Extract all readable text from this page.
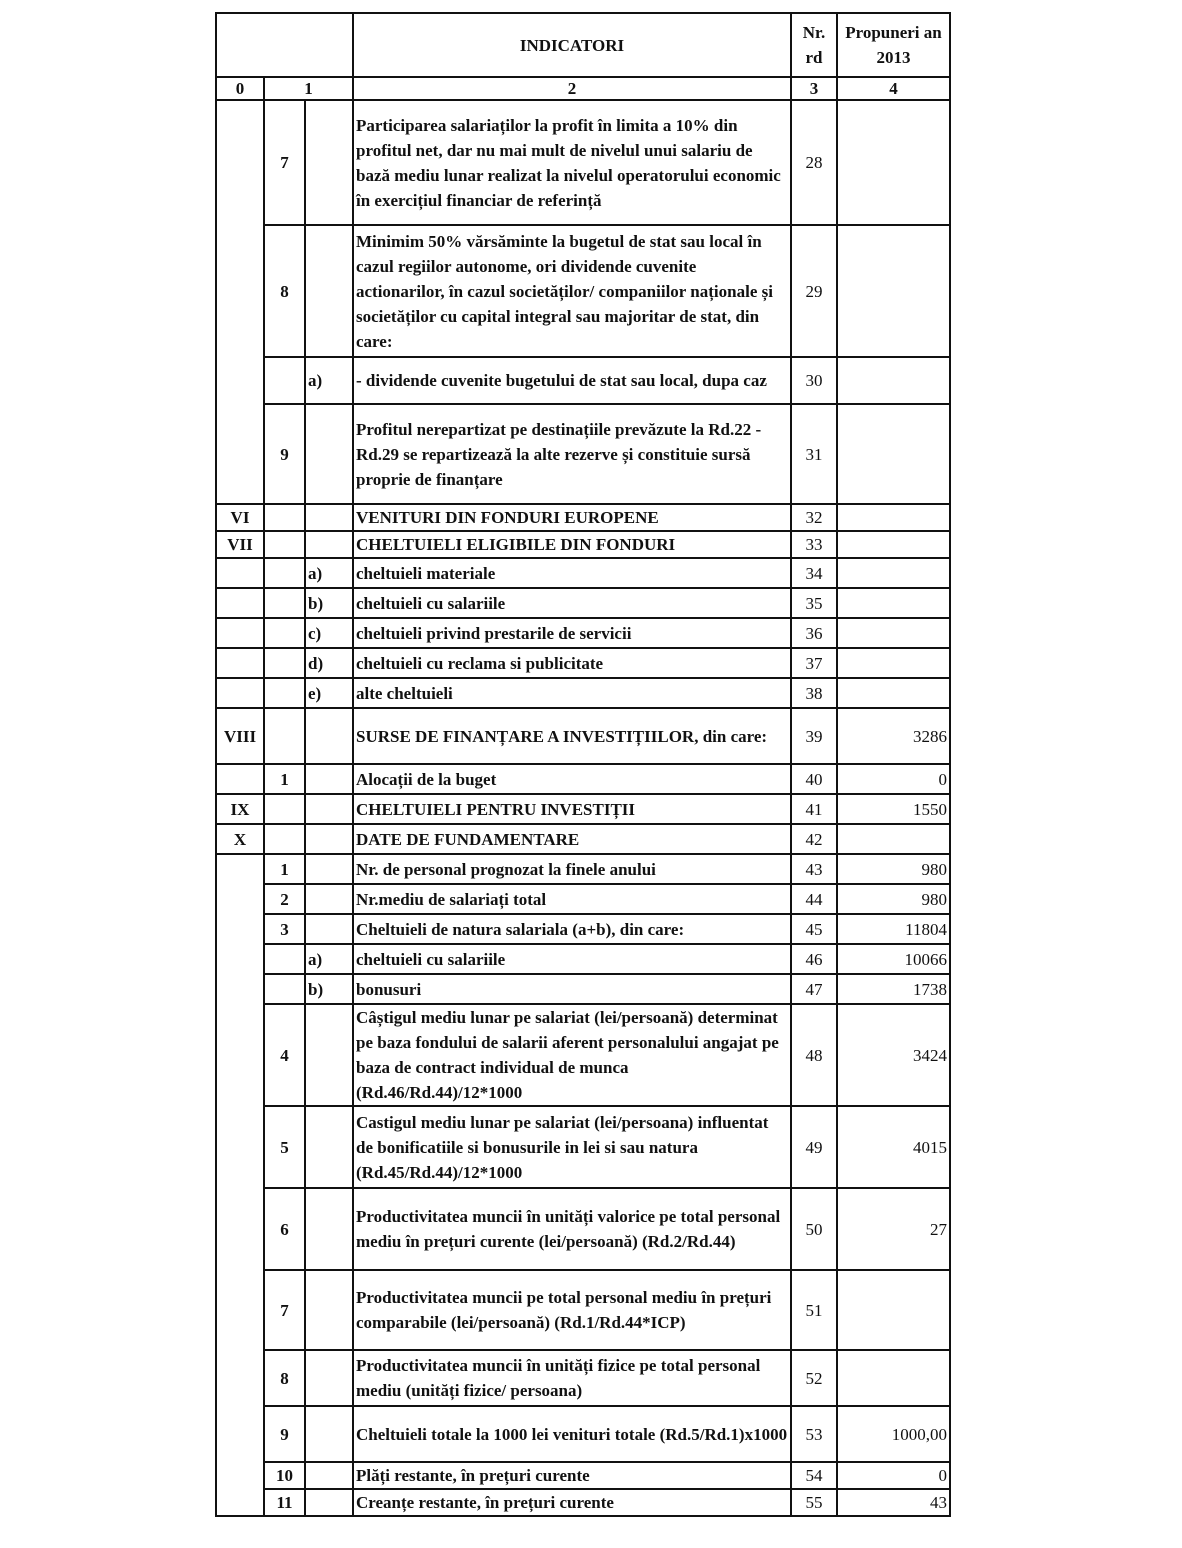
			INDICATORI	Nr. rd	Propuneri an 2013
0	1		2	3	4
	7		Participarea salariaților la profit în limita a 10% din profitul net, dar nu mai mult de nivelul unui salariu de bază mediu lunar realizat la nivelul operatorului economic în exercițiul financiar de referință	28	
	8		Minimim 50% vărsăminte la bugetul de stat sau local în cazul regiilor autonome, ori dividende cuvenite actionarilor, în cazul societăților/ companiilor naționale și societăților cu capital integral sau majoritar de stat, din care:	29	
		a)	- dividende cuvenite bugetului de stat sau local, dupa caz	30	
	9		Profitul nerepartizat pe destinațiile prevăzute la Rd.22 - Rd.29 se repartizează la alte rezerve și constituie sursă proprie de finanțare	31	
VI			VENITURI DIN FONDURI EUROPENE	32	
VII			CHELTUIELI ELIGIBILE DIN FONDURI	33	
		a)	cheltuieli materiale	34	
		b)	cheltuieli cu salariile	35	
		c)	cheltuieli privind prestarile de servicii	36	
		d)	cheltuieli cu reclama si publicitate	37	
		e)	alte cheltuieli	38	
VIII			SURSE DE FINANȚARE A INVESTIȚIILOR, din care:	39	3286
	1		Alocații de la buget	40	0
IX			CHELTUIELI PENTRU INVESTIȚII	41	1550
X			DATE DE FUNDAMENTARE	42	
	1		Nr. de personal prognozat la finele anului	43	980
	2		Nr.mediu de salariați total	44	980
	3		Cheltuieli de natura salariala (a+b), din care:	45	11804
		a)	cheltuieli cu salariile	46	10066
		b)	bonusuri	47	1738
	4		Câștigul mediu lunar pe salariat (lei/persoană) determinat pe baza fondului de salarii aferent personalului angajat pe baza de contract individual de munca (Rd.46/Rd.44)/12*1000	48	3424
	5		Castigul mediu lunar pe salariat (lei/persoana) influentat de bonificatiile si bonusurile in lei si sau natura (Rd.45/Rd.44)/12*1000	49	4015
	6		Productivitatea muncii în unități valorice pe total personal mediu în prețuri curente (lei/persoană) (Rd.2/Rd.44)	50	27
	7		Productivitatea muncii pe total personal mediu în prețuri comparabile (lei/persoană) (Rd.1/Rd.44*ICP)	51	
	8		Productivitatea muncii în unități fizice pe total personal mediu (unități fizice/ persoana)	52	
	9		Cheltuieli totale la 1000 lei venituri totale (Rd.5/Rd.1)x1000	53	1000,00
	10		Plăți restante, în prețuri curente	54	0
	11		Creanțe restante, în prețuri curente	55	43
